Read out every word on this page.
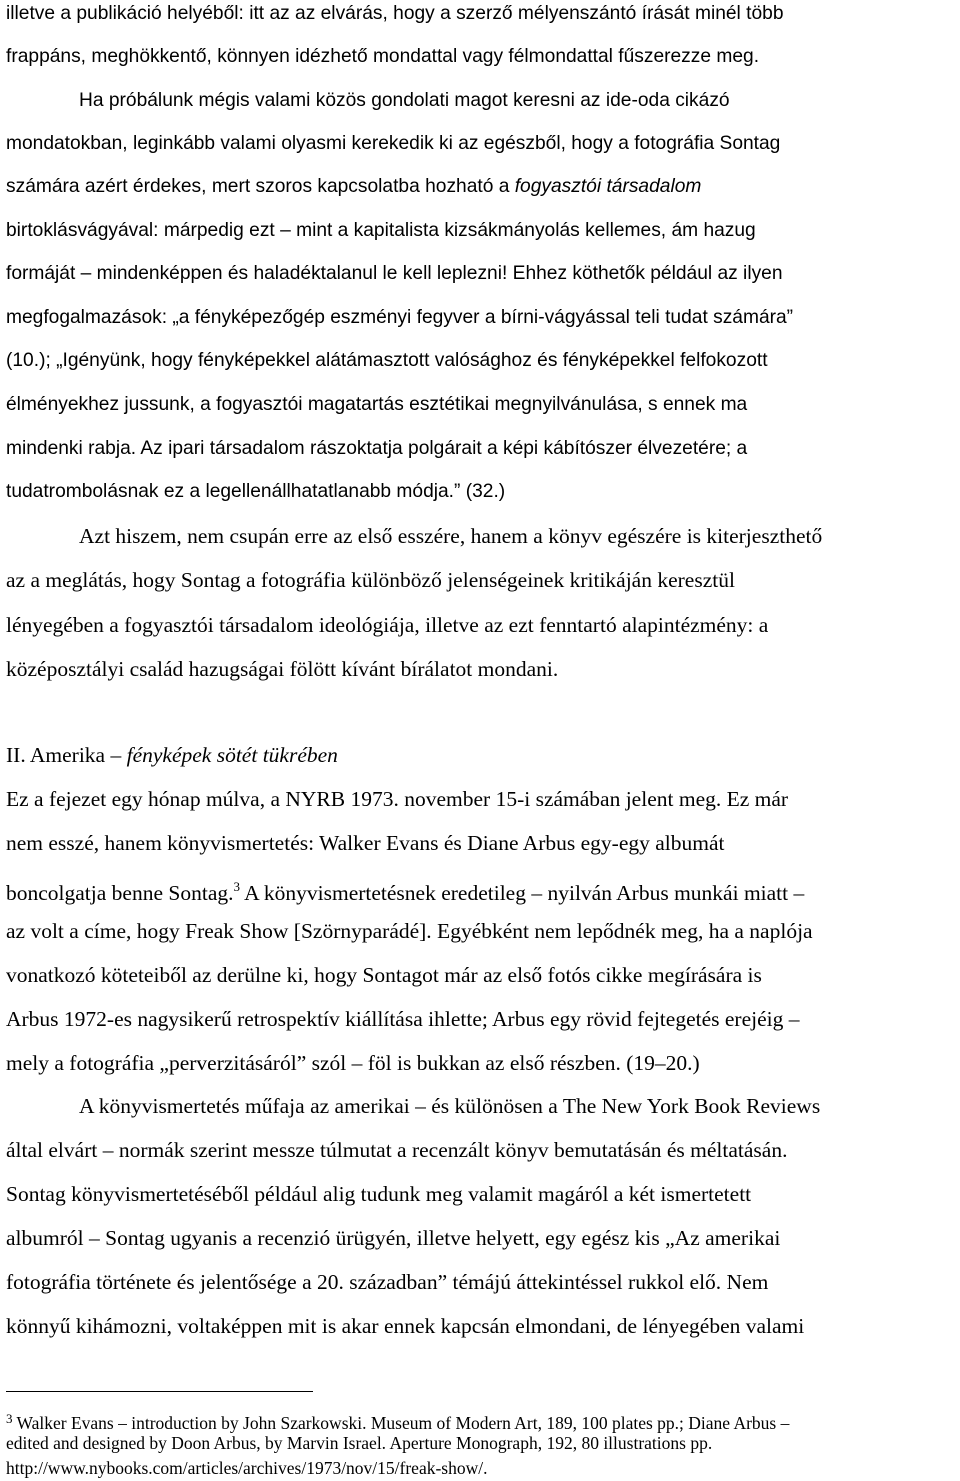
illetve a publikáció helyéből: itt az az elvárás, hogy a szerző mélyenszántó írását minél több
frappáns, meghökkentő, könnyen idézhető mondattal vagy félmondattal fűszerezze meg.
Ha próbálunk mégis valami közös gondolati magot keresni az ide-oda cikázó
mondatokban, leginkább valami olyasmi kerekedik ki az egészből, hogy a fotográfia Sontag
számára azért érdekes, mert szoros kapcsolatba hozható a fogyasztói társadalom
birtoklásvágyával: márpedig ezt – mint a kapitalista kizsákmányolás kellemes, ám hazug
formáját – mindenképpen és haladéktalanul le kell leplezni! Ehhez köthetők például az ilyen
megfogalmazások: „a fényképezőgép eszményi fegyver a bírni-vágyással teli tudat számára”
(10.); „Igényünk, hogy fényképekkel alátámasztott valósághoz és fényképekkel felfokozott
élményekhez jussunk, a fogyasztói magatartás esztétikai megnyilvánulása, s ennek ma
mindenki rabja. Az ipari társadalom rászoktatja polgárait a képi kábítószer élvezetére; a
tudatrombolásnak ez a legellenállhatatlanabb módja.” (32.)
Azt hiszem, nem csupán erre az első esszére, hanem a könyv egészére is kiterjeszthető
az a meglátás, hogy Sontag a fotográfia különböző jelenségeinek kritikáján keresztül
lényegében a fogyasztói társadalom ideológiája, illetve az ezt fenntartó alapintézmény: a
középosztályi család hazugságai fölött kívánt bírálatot mondani.
II. Amerika – fényképek sötét tükrében
Ez a fejezet egy hónap múlva, a NYRB 1973. november 15-i számában jelent meg. Ez már
nem esszé, hanem könyvismertetés: Walker Evans és Diane Arbus egy-egy albumát
boncolgatja benne Sontag.$^3$ A könyvismertetésnek eredetileg – nyilván Arbus munkái miatt –
az volt a címe, hogy Freak Show [Szörnyparádé]. Egyébként nem lepődnék meg, ha a naplója
vonatkozó köteteiből az derülne ki, hogy Sontagot már az első fotós cikke megírására is
Arbus 1972-es nagysikerű retrospektív kiállítása ihlette; Arbus egy rövid fejtegetés erejéig –
mely a fotográfia „perverzitásáról” szól – föl is bukkan az első részben. (19–20.)
A könyvismertetés műfaja az amerikai – és különösen a The New York Book Reviews
által elvárt – normák szerint messze túlmutat a recenzált könyv bemutatásán és méltatásán.
Sontag könyvismertetéséből például alig tudunk meg valamit magáról a két ismertetett
albumról – Sontag ugyanis a recenzió ürügyén, illetve helyett, egy egész kis „Az amerikai
fotográfia története és jelentősége a 20. században” témájú áttekintéssel rukkol elő. Nem
könnyű kihámozni, voltaképpen mit is akar ennek kapcsán elmondani, de lényegében valami
$^3$ Walker Evans – introduction by John Szarkowski. Museum of Modern Art, 189, 100 plates pp.; Diane Arbus –
edited and designed by Doon Arbus, by Marvin Israel. Aperture Monograph, 192, 80 illustrations pp.
http://www.nybooks.com/articles/archives/1973/nov/15/freak-show/.
